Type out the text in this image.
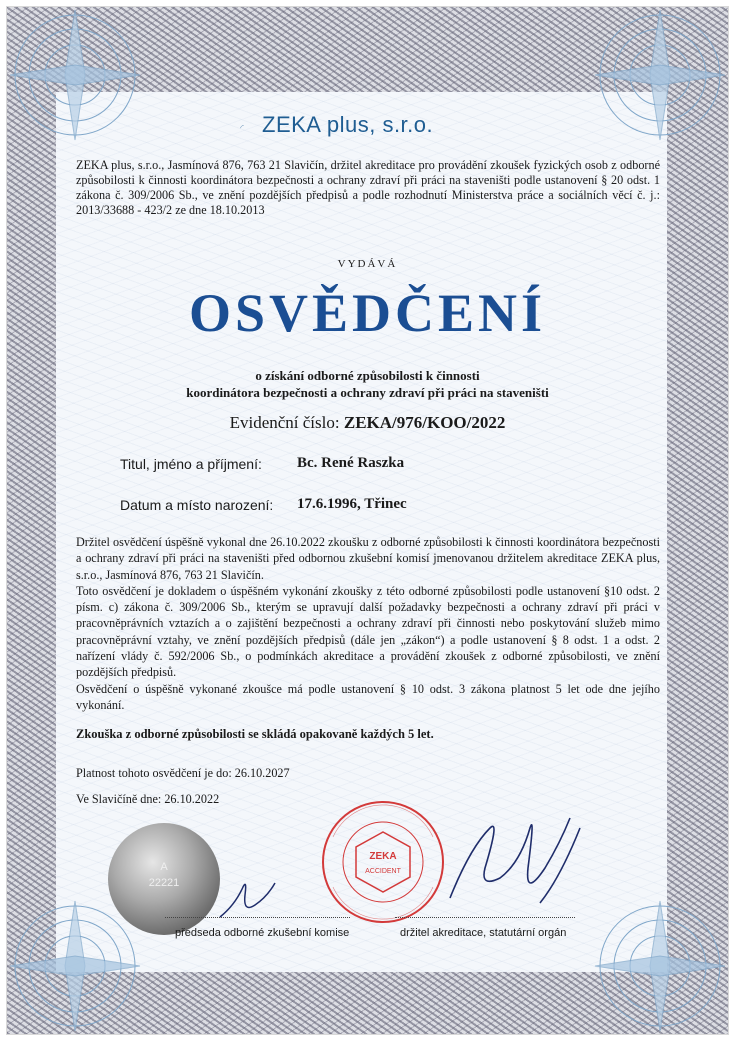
ZEKA plus, s.r.o.
ZEKA plus, s.r.o., Jasmínová 876, 763 21 Slavičín, držitel akreditace pro provádění zkoušek fyzických osob z odborné způsobilosti k činnosti koordinátora bezpečnosti a ochrany zdraví při práci na staveništi podle ustanovení § 20 odst. 1 zákona č. 309/2006 Sb., ve znění pozdějších předpisů a podle rozhodnutí Ministerstva práce a sociálních věcí č. j.: 2013/33688 - 423/2 ze dne 18.10.2013
VYDÁVÁ
OSVĚDČENÍ
o získání odborné způsobilosti k činnosti
koordinátora bezpečnosti a ochrany zdraví při práci na staveništi
Evidenční číslo: ZEKA/976/KOO/2022
Titul, jméno a příjmení: Bc. René Raszka
Datum a místo narození: 17.6.1996, Třinec

Držitel osvědčení úspěšně vykonal dne 26.10.2022 zkoušku z odborné způsobilosti k činnosti koordinátora bezpečnosti a ochrany zdraví při práci na staveništi před odbornou zkušební komisí jmenovanou držitelem akreditace ZEKA plus, s.r.o., Jasmínová 876, 763 21 Slavičín.

Toto osvědčení je dokladem o úspěšném vykonání zkoušky z této odborné způsobilosti podle ustanovení §10 odst. 2 písm. c) zákona č. 309/2006 Sb., kterým se upravují další požadavky bezpečnosti a ochrany zdraví při práci v pracovněprávních vztazích a o zajištění bezpečnosti a ochrany zdraví při činnosti nebo poskytování služeb mimo pracovněprávní vztahy, ve znění pozdějších předpisů (dále jen „zákon“) a podle ustanovení § 8 odst. 1 a odst. 2 nařízení vlády č. 592/2006 Sb., o podmínkách akreditace a provádění zkoušek z odborné způsobilosti, ve znění pozdějších předpisů.

Osvědčení o úspěšně vykonané zkoušce má podle ustanovení § 10 odst. 3 zákona platnost 5 let ode dne jejího vykonání.

Zkouška z odborné způsobilosti se skládá opakovaně každých 5 let.
Platnost tohoto osvědčení je do: 26.10.2027
Ve Slavičíně dne: 26.10.2022
A
22221
ZEKA
ACCIDENT
předseda odborné zkušební komise	držitel akreditace, statutární orgán
